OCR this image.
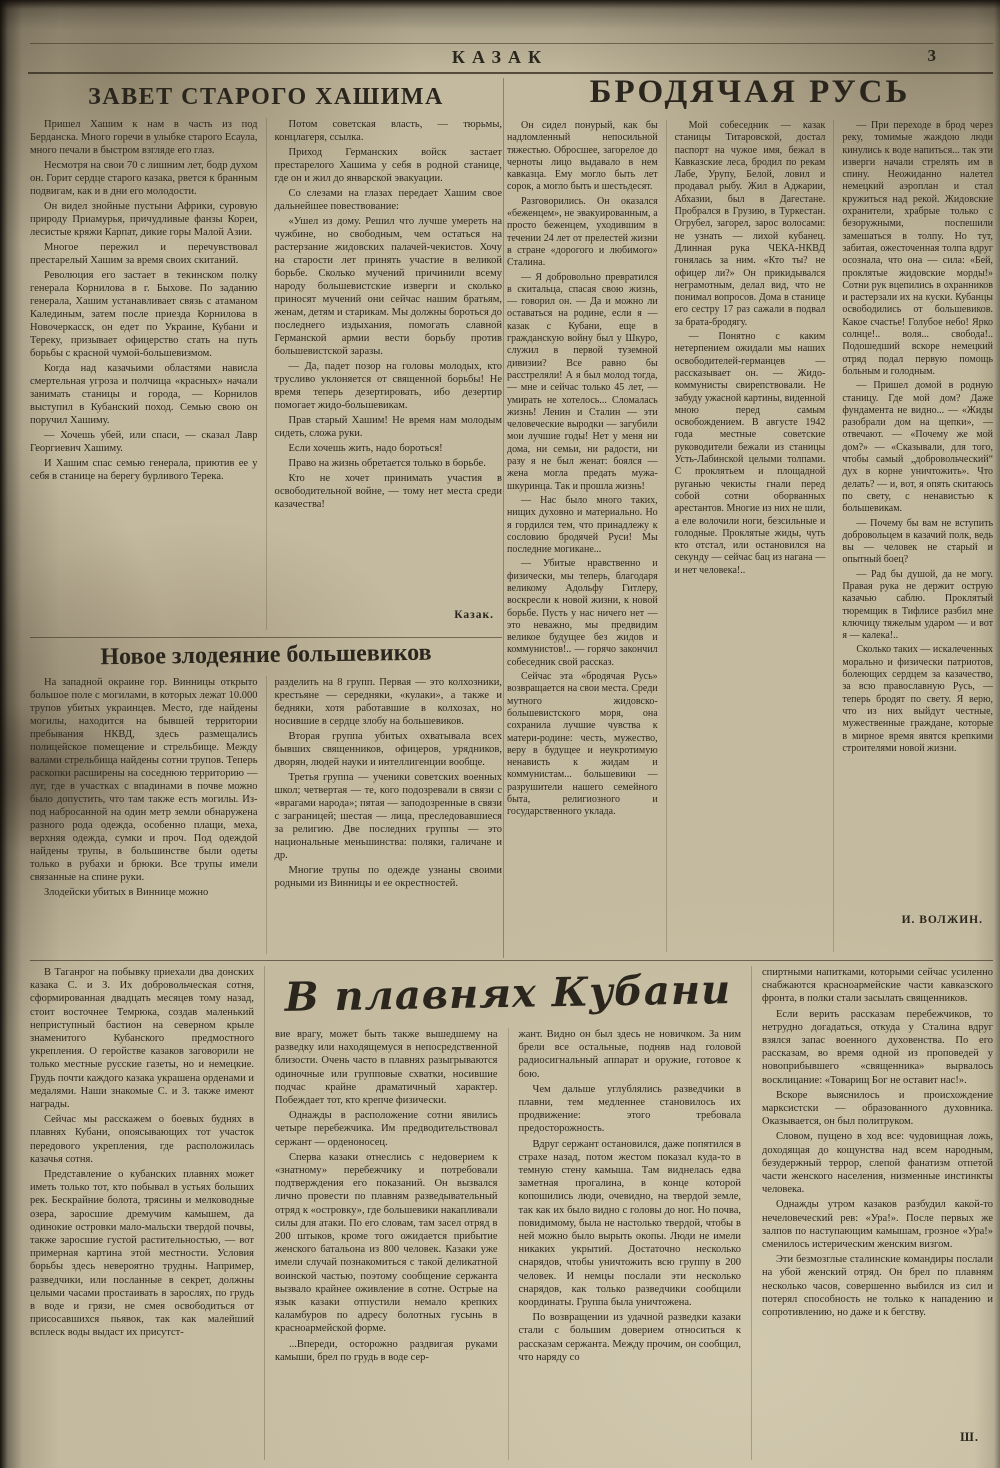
КАЗАК	3
ЗАВЕТ СТАРОГО ХАШИМА

Пришел Хашим к нам в часть из под Берданска. Много горечи в улыбке старого Есаула, много печали в быстром взгляде его глаз.

Несмотря на свои 70 с лишним лет, бодр духом он. Горит сердце старого казака, рвется к бранным подвигам, как и в дни его молодости.

Он видел знойные пустыни Африки, суровую природу Приамурья, причудливые фанзы Кореи, лесистые кряжи Карпат, дикие горы Малой Азии.

Многое пережил и перечувствовал престарелый Хашим за время своих скитаний.

Революция его застает в текинском полку генерала Корнилова в г. Быхове. По заданию генерала, Хашим устанавливает связь с атаманом Калединым, затем после приезда Корнилова в Новочеркасск, он едет по Украине, Кубани и Тереку, призывает офицерство стать на путь борьбы с красной чумой-большевизмом.

Когда над казачьими областями нависла смертельная угроза и полчища «красных» начали занимать станицы и города, — Корнилов выступил в Кубанский поход. Семью свою он поручил Хашиму.

— Хочешь убей, или спаси, — сказал Лавр Георгиевич Хашиму.

И Хашим спас семью генерала, приютив ее у себя в станице на берегу бурливого Терека.

Потом советская власть, — тюрьмы, концлагеря, ссылка.

Приход Германских войск застает престарелого Хашима у себя в родной станице, где он и жил до январской эвакуации.

Со слезами на глазах передает Хашим свое дальнейшее повествование:

«Ушел из дому. Решил что лучше умереть на чужбине, но свободным, чем остаться на растерзание жидовских палачей-чекистов. Хочу на старости лет принять участие в великой борьбе. Сколько мучений причинили всему народу большевистские изверги и сколько приносят мучений они сейчас нашим братьям, женам, детям и старикам. Мы должны бороться до последнего издыхания, помогать славной Германской армии вести борьбу против большевистской заразы.

— Да, падет позор на головы молодых, кто трусливо уклоняется от священной борьбы! Не время теперь дезертировать, ибо дезертир помогает жидо-большевикам.

Прав старый Хашим! Не время нам молодым сидеть, сложа руки.

Если хочешь жить, надо бороться!

Право на жизнь обретается только в борьбе.

Кто не хочет принимать участия в освободительной войне, — тому нет места среди казачества!

Казак.
БРОДЯЧАЯ РУСЬ

Он сидел понурый, как бы надломленный непосильной тяжестью. Обросшее, загорелое до черноты лицо выдавало в нем кавказца. Ему могло быть лет сорок, а могло быть и шестьдесят.

Разговорились. Он оказался «беженцем», не эвакуированным, а просто беженцем, уходившим в течении 24 лет от прелестей жизни в стране «дорогого и любимого» Сталина.

— Я добровольно превратился в скитальца, спасая свою жизнь, — говорил он. — Да и можно ли оставаться на родине, если я — казак с Кубани, еще в гражданскую войну был у Шкуро, служил в первой туземной дивизии? Все равно бы расстреляли! А я был молод тогда, — мне и сейчас только 45 лет, — умирать не хотелось... Сломалась жизнь! Ленин и Сталин — эти человеческие выродки — загубили мои лучшие годы! Нет у меня ни дома, ни семьи, ни радости, ни разу я не был женат: боялся — жена могла предать мужа-шкуринца. Так и прошла жизнь!

— Нас было много таких, нищих духовно и материально. Но я гордился тем, что принадлежу к сословию бродячей Руси! Мы последние могикане...

— Убитые нравственно и физически, мы теперь, благодаря великому Адольфу Гитлеру, воскресли к новой жизни, к новой борьбе. Пусть у нас ничего нет — это неважно, мы предвидим великое будущее без жидов и коммунистов!.. — горячо закончил собеседник свой рассказ.

Сейчас эта «бродячая Русь» возвращается на свои места. Среди мутного жидовско-большевистского моря, она сохранила лучшие чувства к матери-родине: честь, мужество, веру в будущее и неукротимую ненависть к жидам и коммунистам... большевики — разрушители нашего семейного быта, религиозного и государственного уклада.

Мой собеседник — казак станицы Титаровской, достал паспорт на чужое имя, бежал в Кавказские леса, бродил по рекам Лабе, Урупу, Белой, ловил и продавал рыбу. Жил в Аджарии, Абхазии, был в Дагестане. Пробрался в Грузию, в Туркестан. Огрубел, загорел, зарос волосами: не узнать — лихой кубанец. Длинная рука ЧЕКА-НКВД гонялась за ним. «Кто ты? не офицер ли?» Он прикидывался неграмотным, делал вид, что не понимал вопросов. Дома в станице его сестру 17 раз сажали в подвал за брата-бродягу.

— Понятно с каким нетерпением ожидали мы наших освободителей-германцев — рассказывает он. — Жидо-коммунисты свирепствовали. Не забуду ужасной картины, виденной мною перед самым освобождением. В августе 1942 года местные советские руководители бежали из станицы Усть-Лабинской целыми толпами. С проклятьем и площадной руганью чекисты гнали перед собой сотни оборванных арестантов. Многие из них не шли, а еле волочили ноги, безсильные и голодные. Проклятые жиды, чуть кто отстал, или остановился на секунду — сейчас бац из нагана — и нет человека!..

— При переходе в брод через реку, томимые жаждою люди кинулись к воде напиться... так эти изверги начали стрелять им в спину. Неожиданно налетел немецкий аэроплан и стал кружиться над рекой. Жидовские охранители, храбрые только с безоружными, поспешили замешаться в толпу. Но тут, забитая, ожесточенная толпа вдруг осознала, что она — сила: «Бей, проклятые жидовские морды!» Сотни рук вцепились в охранников и растерзали их на куски. Кубанцы освободились от большевиков. Какое счастье! Голубое небо! Ярко солнце!.. воля... свобода!.. Подошедший вскоре немецкий отряд подал первую помощь больным и голодным.

— Пришел домой в родную станицу. Где мой дом? Даже фундамента не видно... — «Жиды разобрали дом на щепки», — отвечают. — «Почему же мой дом?» — «Сказывали, для того, чтобы самый „добровольческий“ дух в корне уничтожить». Что делать? — и, вот, я опять скитаюсь по свету, с ненавистью к большевикам.

— Почему бы вам не вступить добровольцем в казачий полк, ведь вы — человек не старый и опытный боец?

— Рад бы душой, да не могу. Правая рука не держит острую казачью саблю. Проклятый тюремщик в Тифлисе разбил мне ключицу тяжелым ударом — и вот я — калека!..

Сколько таких — искалеченных морально и физически патриотов, болеющих сердцем за казачество, за всю православную Русь, — теперь бродят по свету. Я верю, что из них выйдут честные, мужественные граждане, которые в мирное время явятся крепкими строителями новой жизни.

И. ВОЛЖИН.
Новое злодеяние большевиков

На западной окраине гор. Винницы открыто большое поле с могилами, в которых лежат 10.000 трупов убитых украинцев. Место, где найдены могилы, находится на бывшей территории пребывания НКВД, здесь размещались полицейское помещение и стрельбище. Между валами стрельбища найдены сотни трупов. Теперь раскопки расширены на соседнюю территорию — луг, где в участках с впадинами в почве можно было допустить, что там также есть могилы. Из-под набросанной на один метр земли обнаружена разного рода одежда, особенно плащи, меха, верхняя одежда, сумки и проч. Под одеждой найдены трупы, в большинстве были одеты только в рубахи и брюки. Все трупы имели связанные на спине руки.

Злодейски убитых в Виннице можно

разделить на 8 групп. Первая — это колхозники, крестьяне — середняки, «кулаки», а также и бедняки, хотя работавшие в колхозах, но носившие в сердце злобу на большевиков.

Вторая группа убитых охватывала всех бывших священников, офицеров, урядников, дворян, людей науки и интеллигенции вообще.

Третья группа — ученики советских военных школ; четвертая — те, кого подозревали в связи с «врагами народа»; пятая — заподозренные в связи с заграницей; шестая — лица, преследовавшиеся за религию. Две последних группы — это национальные меньшинства: поляки, галичане и др.

Многие трупы по одежде узнаны своими родными из Винницы и ее окрестностей.

В Таганрог на побывку приехали два донских казака С. и З. Их добровольческая сотня, сформированная двадцать месяцев тому назад, стоит восточнее Темрюка, создав маленький неприступный бастион на северном крыле знаменитого Кубанского предмостного укрепления. О геройстве казаков заговорили не только местные русские газеты, но и немецкие. Грудь почти каждого казака украшена орденами и медалями. Наши знакомые С. и З. также имеют награды.

Сейчас мы расскажем о боевых буднях в плавнях Кубани, опоясывающих тот участок передового укрепления, где расположилась казачья сотня.

Представление о кубанских плавнях может иметь только тот, кто побывал в устьях больших рек. Бескрайние болота, трясины и мелководные озера, заросшие дремучим камышем, да одинокие островки мало-мальски твердой почвы, также заросшие густой растительностью, — вот примерная картина этой местности. Условия борьбы здесь невероятно трудны. Например, разведчики, или посланные в секрет, должны целыми часами простаивать в зарослях, по грудь в воде и грязи, не смея освободиться от присосавшихся пьявок, так как малейший всплеск воды выдаст их присутст-

В плавнях Кубани

вие врагу, может быть также вышедшему на разведку или находящемуся в непосредственной близости. Очень часто в плавнях разыгрываются одиночные или групповые схватки, носившие подчас крайне драматичный характер. Побеждает тот, кто крепче физически.

Однажды в расположение сотни явились четыре перебежчика. Им предводительствовал сержант — орденоносец.

Сперва казаки отнеслись с недоверием к «знатному» перебежчику и потребовали подтверждения его показаний. Он вызвался лично провести по плавням разведывательный отряд к «островку», где большевики накапливали силы для атаки. По его словам, там засел отряд в 200 штыков, кроме того ожидается прибытие женского батальона из 800 человек. Казаки уже имели случай познакомиться с такой деликатной воинской частью, поэтому сообщение сержанта вызвало крайнее оживление в сотне. Острые на язык казаки отпустили немало крепких каламбуров по адресу болотных гусынь в красноармейской форме.

...Впереди, осторожно раздвигая руками камыши, брел по грудь в воде сер-

жант. Видно он был здесь не новичком. За ним брели все остальные, подняв над головой радиосигнальный аппарат и оружие, готовое к бою.

Чем дальше углублялись разведчики в плавни, тем медленнее становилось их продвижение: этого требовала предосторожность.

Вдруг сержант остановился, даже попятился в страхе назад, потом жестом показал куда-то в темную стену камыша. Там виднелась едва заметная прогалина, в конце которой копошились люди, очевидно, на твердой земле, так как их было видно с головы до ног. Но почва, повидимому, была не настолько твердой, чтобы в ней можно было вырыть окопы. Люди не имели никаких укрытий. Достаточно несколько снарядов, чтобы уничтожить всю группу в 200 человек. И немцы послали эти несколько снарядов, как только разведчики сообщили координаты. Группа была уничтожена.

По возвращении из удачной разведки казаки стали с большим доверием относиться к рассказам сержанта. Между прочим, он сообщил, что наряду со

спиртными напитками, которыми сейчас усиленно снабжаются красноармейские части кавказского фронта, в полки стали засылать священников.

Если верить рассказам перебежчиков, то нетрудно догадаться, откуда у Сталина вдруг взялся запас военного духовенства. По его рассказам, во время одной из проповедей у новоприбывшего «священника» вырвалось восклицание: «Товарищ Бог не оставит нас!».

Вскоре выяснилось и происхождение марксистски — образованного духовника. Оказывается, он был политруком.

Словом, пущено в ход все: чудовищная ложь, доходящая до кощунства над всем народным, безудержный террор, слепой фанатизм отпетой части женского населения, низменные инстинкты человека.

Однажды утром казаков разбудил какой-то нечеловеческий рев: «Ура!». После первых же залпов по наступающим камышам, грозное «Ура!» сменилось истерическим женским визгом.

Эти безмозглые сталинские командиры послали на убой женский отряд. Он брел по плавням несколько часов, совершенно выбился из сил и потерял способность не только к нападению и сопротивлению, но даже и к бегству.

Ш.
